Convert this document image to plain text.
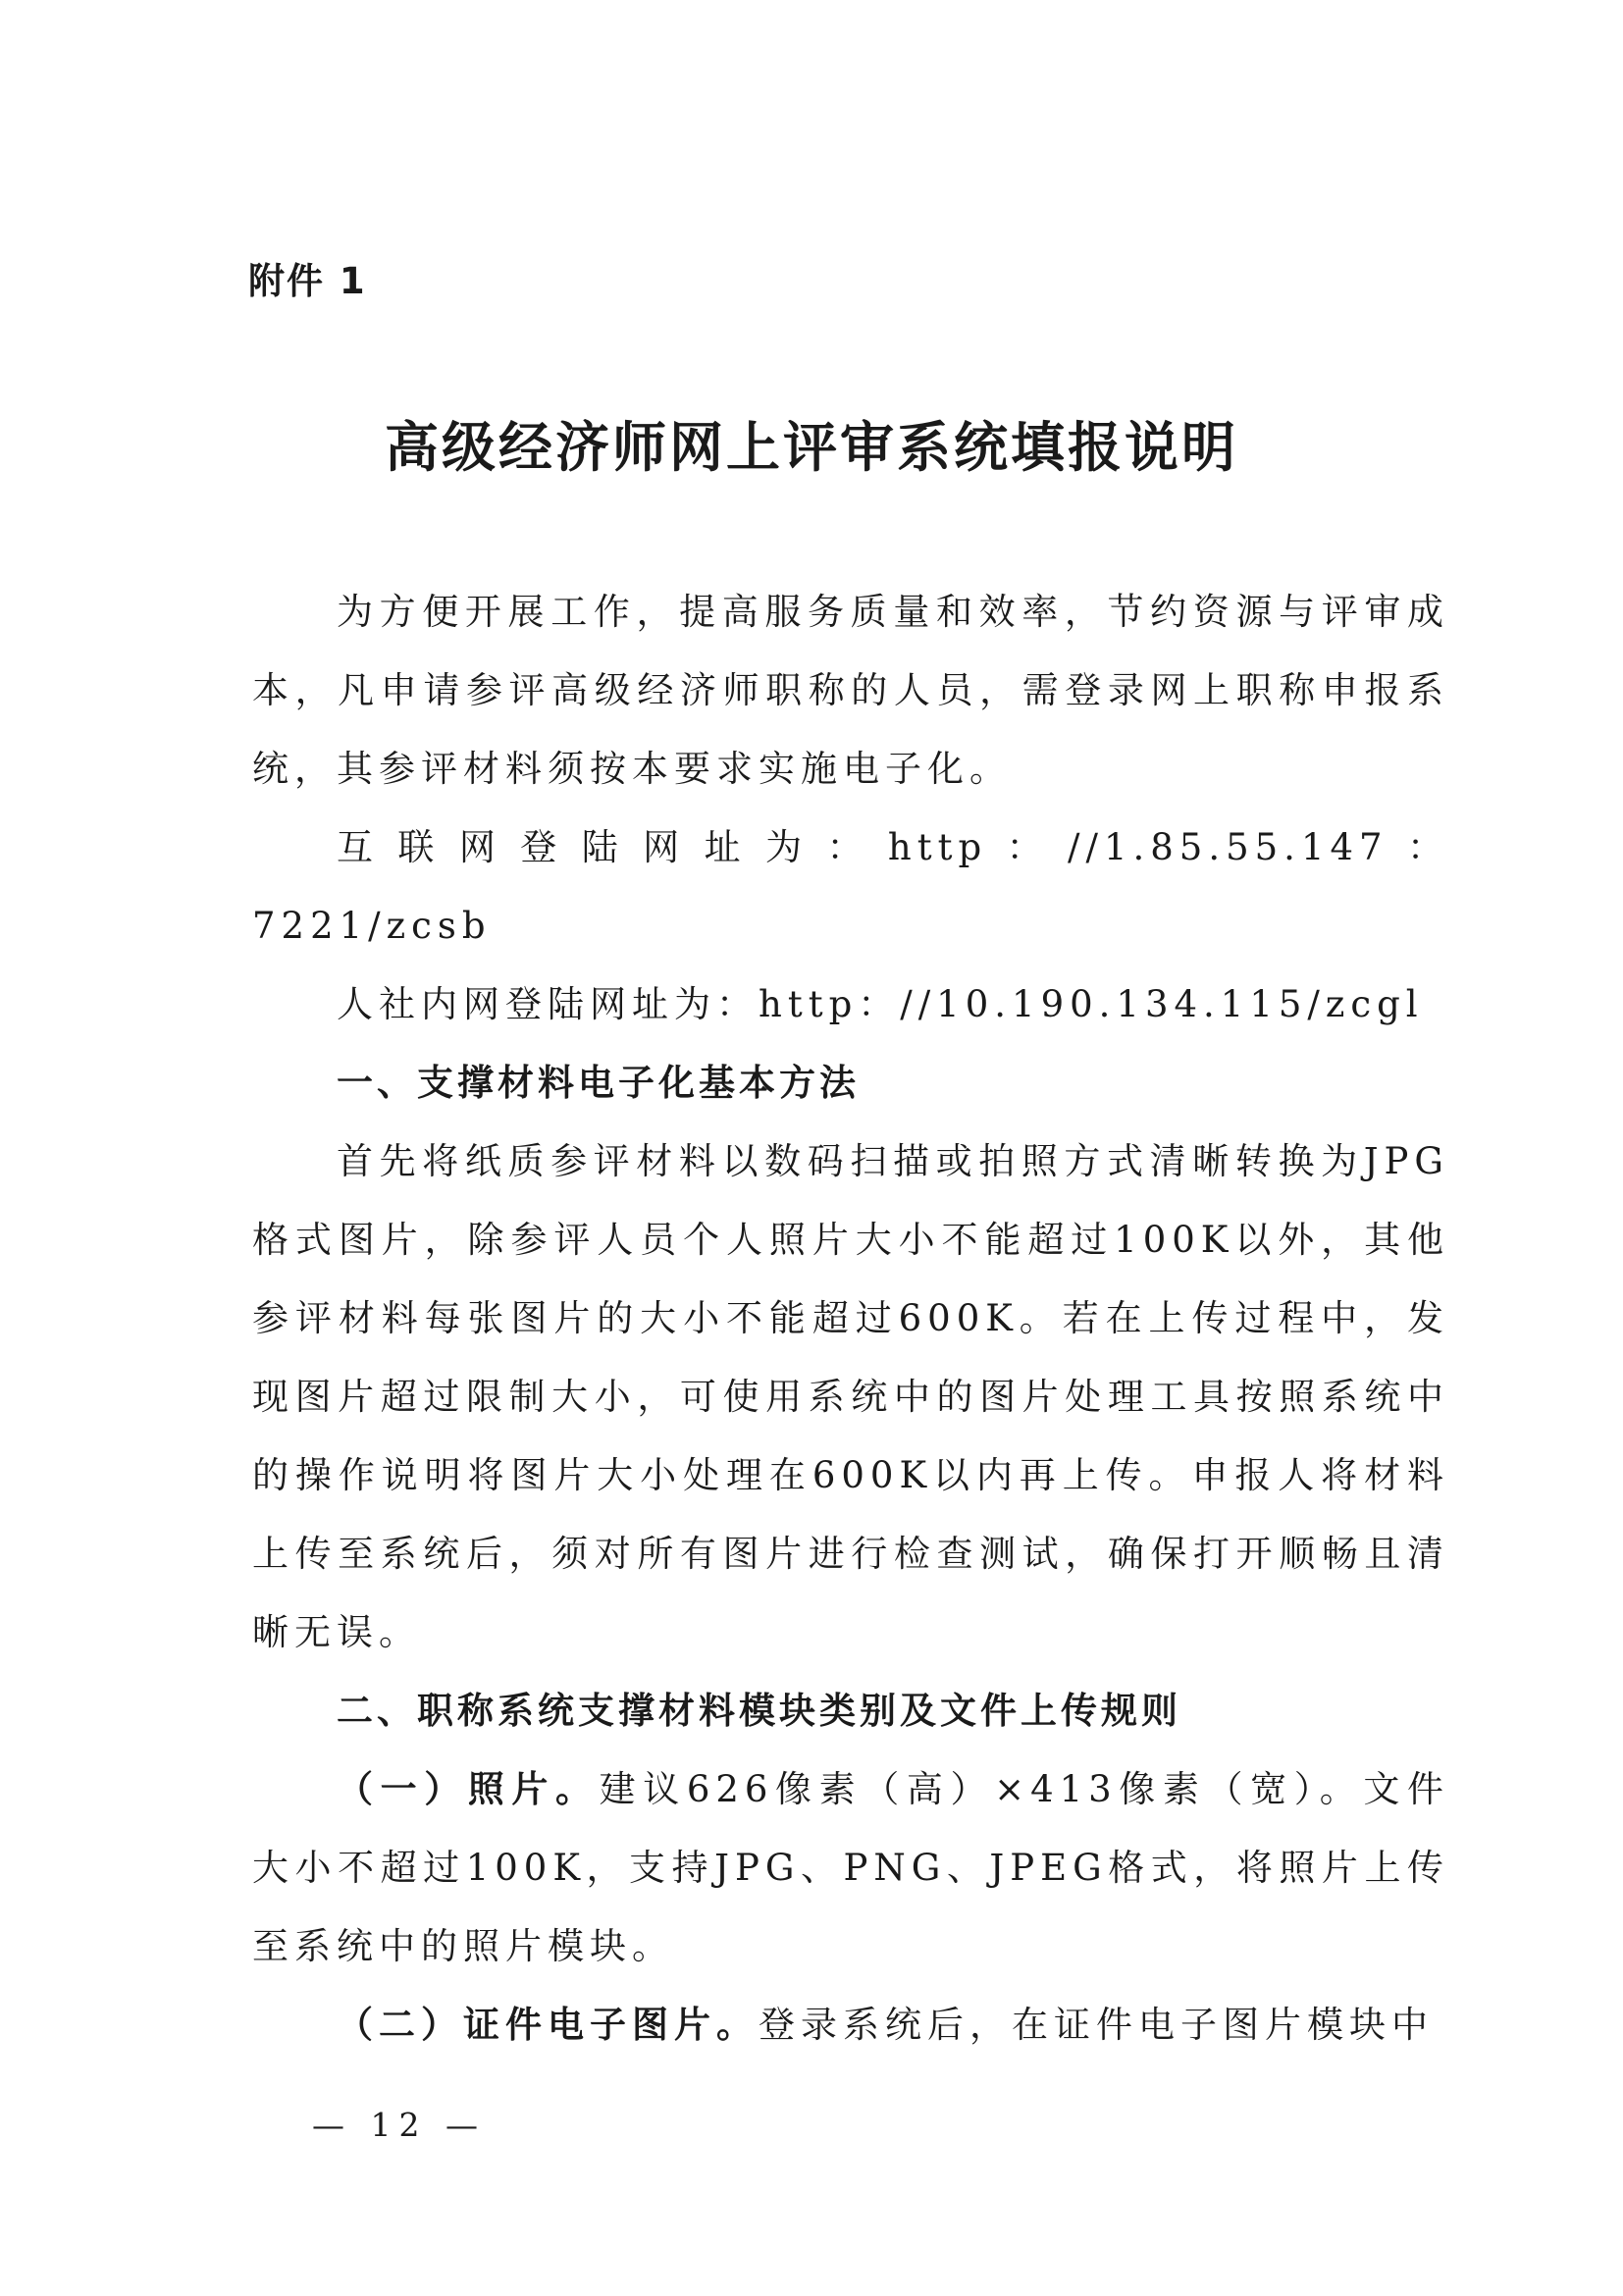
附件 1
高级经济师网上评审系统填报说明

为方便开展工作，提高服务质量和效率，节约资源与评审成本，凡申请参评高级经济师职称的人员，需登录网上职称申报系统，其参评材料须按本要求实施电子化。

互联网登陆网址为：http：//1.85.55.147：7221/zcsb

人社内网登陆网址为：http：//10.190.134.115/zcgl

一、支撑材料电子化基本方法

首先将纸质参评材料以数码扫描或拍照方式清晰转换为JPG格式图片，除参评人员个人照片大小不能超过100K以外，其他参评材料每张图片的大小不能超过600K。若在上传过程中，发现图片超过限制大小，可使用系统中的图片处理工具按照系统中的操作说明将图片大小处理在600K以内再上传。申报人将材料上传至系统后，须对所有图片进行检查测试，确保打开顺畅且清晰无误。

二、职称系统支撑材料模块类别及文件上传规则

（一）照片。建议626像素（高）×413像素（宽）。文件大小不超过100K，支持JPG、PNG、JPEG格式，将照片上传至系统中的照片模块。

（二）证件电子图片。登录系统后，在证件电子图片模块中

— 12 —
